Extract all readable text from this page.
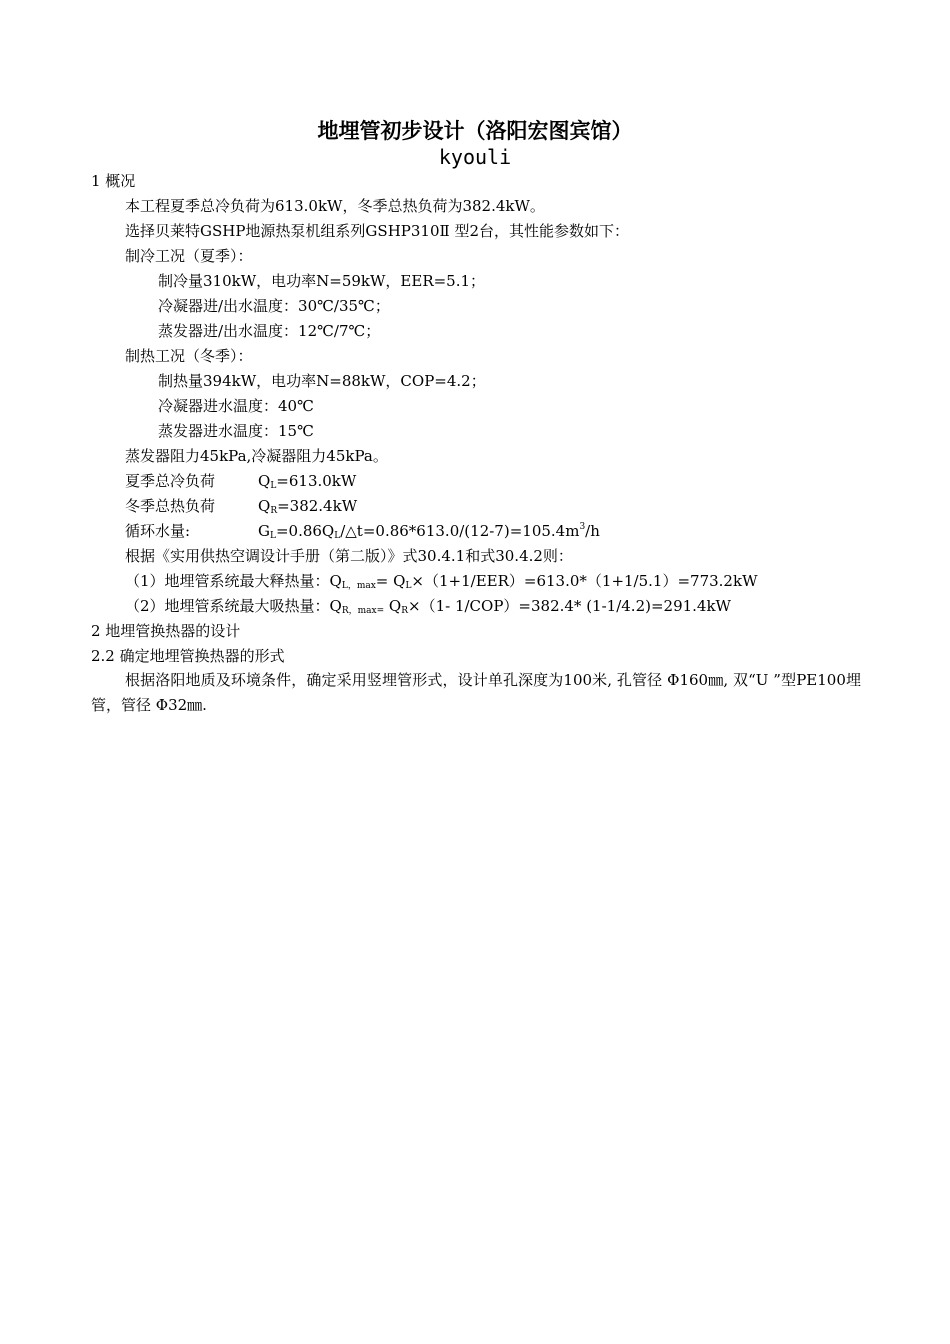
地埋管初步设计（洛阳宏图宾馆）
kyouli
1 概况
本工程夏季总冷负荷为613.0kW，冬季总热负荷为382.4kW。
选择贝莱特GSHP地源热泵机组系列GSHP310Ⅱ 型2台，其性能参数如下：
制冷工况（夏季）：
制冷量310kW，电功率N=59kW，EER=5.1；
冷凝器进/出水温度：30℃/35℃；
蒸发器进/出水温度：12℃/7℃；
制热工况（冬季）：
制热量394kW，电功率N=88kW，COP=4.2；
冷凝器进水温度：40℃
蒸发器进水温度：15℃
蒸发器阻力45kPa,冷凝器阻力45kPa。
夏季总冷负荷	$Q_L=613.0kW$
冬季总热负荷	$Q_R=382.4kW$
循环水量:	$G_L=0.86Q_L/\triangle t=0.86*613.0/(12-7)=105.4m^3/h$
根据《实用供热空调设计手册（第二版）》式30.4.1和式30.4.2则：
（1）地埋管系统最大释热量：$Q_{L,max}= Q_L\times(1+1/EER)=613.0*(1+1/5.1)=773.2kW$
（2）地埋管系统最大吸热量：$Q_{R,max=}$ $Q_R\times(1-$ 1/COP）=382.4* (1-1/4.2)=291.4kW
2 地埋管换热器的设计
2.2 确定地埋管换热器的形式
根据洛阳地质及环境条件，确定采用竖埋管形式，设计单孔深度为100米, 孔管径 Φ160㎜, 双“U ”型PE100埋管，管径 Φ32㎜.
